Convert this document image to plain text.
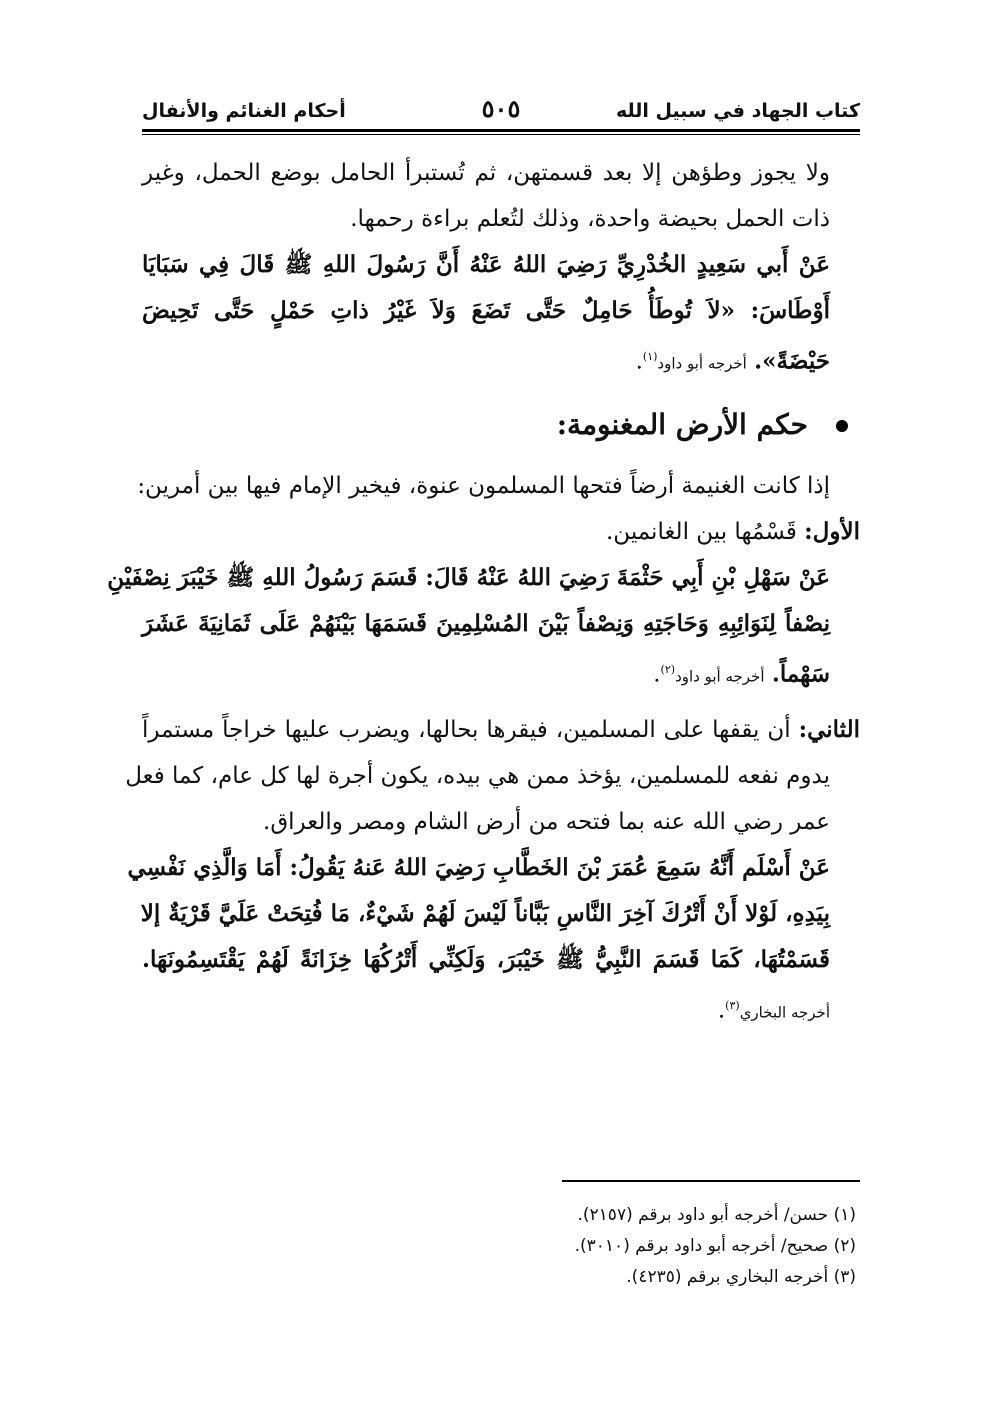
كتاب الجهاد في سبيل الله
٥٠٥
أحكام الغنائم والأنفال
ولا يجوز وطؤهن إلا بعد قسمتهن، ثم تُستبرأ الحامل بوضع الحمل، وغير
ذات الحمل بحيضة واحدة، وذلك لتُعلم براءة رحمها.
عَنْ أَبي سَعِيدٍ الخُدْرِيِّ رَضِيَ اللهُ عَنْهُ أَنَّ رَسُولَ اللهِ ﷺ قَالَ فِي سَبَايَا
أَوْطَاسَ: «لاَ تُوطَأُ حَامِلٌ حَتَّى تَضَعَ وَلاَ غَيْرُ ذاتِ حَمْلٍ حَتَّى تَحِيضَ
حَيْضَةً». أخرجه أبو داود$^{(١)}$.
حكم الأرض المغنومة:
إذا كانت الغنيمة أرضاً فتحها المسلمون عنوة، فيخير الإمام فيها بين أمرين:
الأول: قَسْمُها بين الغانمين.
عَنْ سَهْلِ بْنِ أَبِي حَثْمَةَ رَضِيَ اللهُ عَنْهُ قَالَ: قَسَمَ رَسُولُ اللهِ ﷺ خَيْبَرَ نِصْفَيْنِ
نِصْفاً لِنَوَائِبِهِ وَحَاجَتِهِ وَنِصْفاً بَيْنَ المُسْلِمِينَ قَسَمَهَا بَيْنَهُمْ عَلَى ثَمَانِيَةَ عَشَرَ
سَهْماً. أخرجه أبو داود$^{(٢)}$.
الثاني: أن يقفها على المسلمين، فيقرها بحالها، ويضرب عليها خراجاً مستمراً
يدوم نفعه للمسلمين، يؤخذ ممن هي بيده، يكون أجرة لها كل عام، كما فعل
عمر رضي الله عنه بما فتحه من أرض الشام ومصر والعراق.
عَنْ أَسْلَم أَنَّهُ سَمِعَ عُمَرَ بْنَ الخَطَّابِ رَضِيَ اللهُ عَنهُ يَقُولُ: أَمَا وَالَّذِي نَفْسِي
بِيَدِهِ، لَوْلا أَنْ أَتْرُكَ آخِرَ النَّاسِ بَبَّاناً لَيْسَ لَهُمْ شَيْءٌ، مَا فُتِحَتْ عَلَيَّ قَرْيَةٌ إلا
قَسَمْتُهَا، كَمَا قَسَمَ النَّبِيُّ ﷺ خَيْبَرَ، وَلَكِنِّي أَتْرُكُهَا خِزَانَةً لَهُمْ يَقْتَسِمُونَهَا.
أخرجه البخاري$^{(٣)}$.
(١) حسن/ أخرجه أبو داود برقم (٢١٥٧).
(٢) صحيح/ أخرجه أبو داود برقم (٣٠١٠).
(٣) أخرجه البخاري برقم (٤٢٣٥).
